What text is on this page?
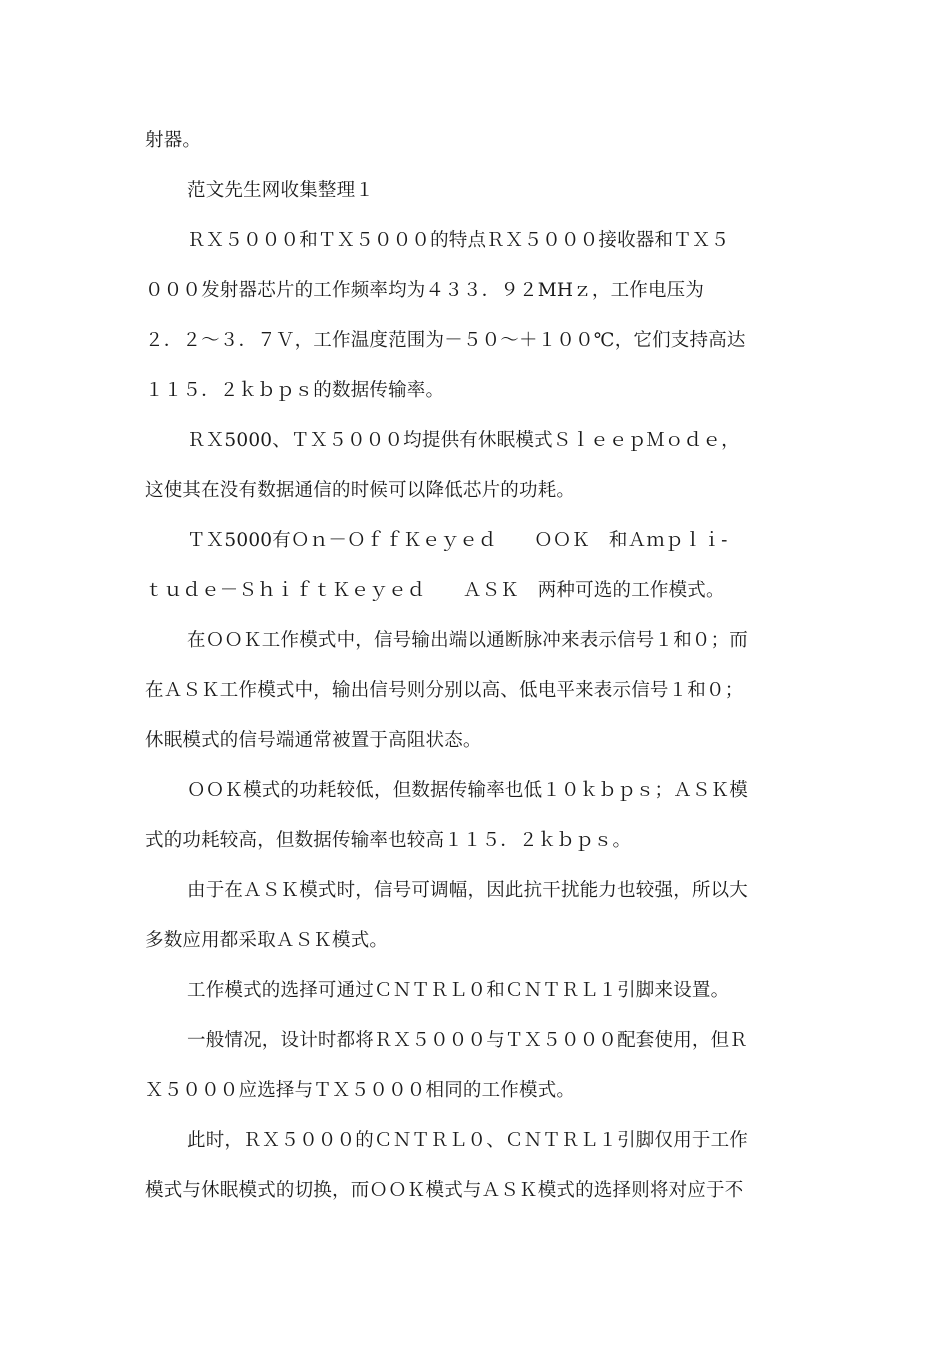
射器。
范文先生网收集整理１
ＲＸ５０００和ＴＸ５０００的特点ＲＸ５０００接收器和ＴＸ５
０００发射器芯片的工作频率均为４３３．９２MHｚ，工作电压为
２．２～３．７Ｖ，工作温度范围为－５０～＋１００℃，它们支持高达
１１５．２ｋｂｐｓ的数据传输率。
ＲＸ5000、ＴＸ５０００均提供有休眠模式ＳｌｅｅｐＭｏｄｅ，
这使其在没有数据通信的时候可以降低芯片的功耗。
ＴＸ5000有Ｏｎ－ＯｆｆＫｅｙｅｄ　　ＯＯＫ　和Ａｍｐｌｉ-
ｔｕｄｅ－ＳｈｉｆｔＫｅｙｅｄ　　ＡＳＫ　两种可选的工作模式。
在ＯＯＫ工作模式中，信号输出端以通断脉冲来表示信号１和０；而
在ＡＳＫ工作模式中，输出信号则分别以高、低电平来表示信号１和０；
休眠模式的信号端通常被置于高阻状态。
ＯＯＫ模式的功耗较低，但数据传输率也低１０ｋｂｐｓ；ＡＳＫ模
式的功耗较高，但数据传输率也较高１１５．２ｋｂｐｓ。
由于在ＡＳＫ模式时，信号可调幅，因此抗干扰能力也较强，所以大
多数应用都采取ＡＳＫ模式。
工作模式的选择可通过ＣＮＴＲＬ０和ＣＮＴＲＬ１引脚来设置。
一般情况，设计时都将ＲＸ５０００与ＴＸ５０００配套使用，但Ｒ
Ｘ５０００应选择与ＴＸ５０００相同的工作模式。
此时，ＲＸ５０００的ＣＮＴＲＬ０、ＣＮＴＲＬ１引脚仅用于工作
模式与休眠模式的切换，而ＯＯＫ模式与ＡＳＫ模式的选择则将对应于不
